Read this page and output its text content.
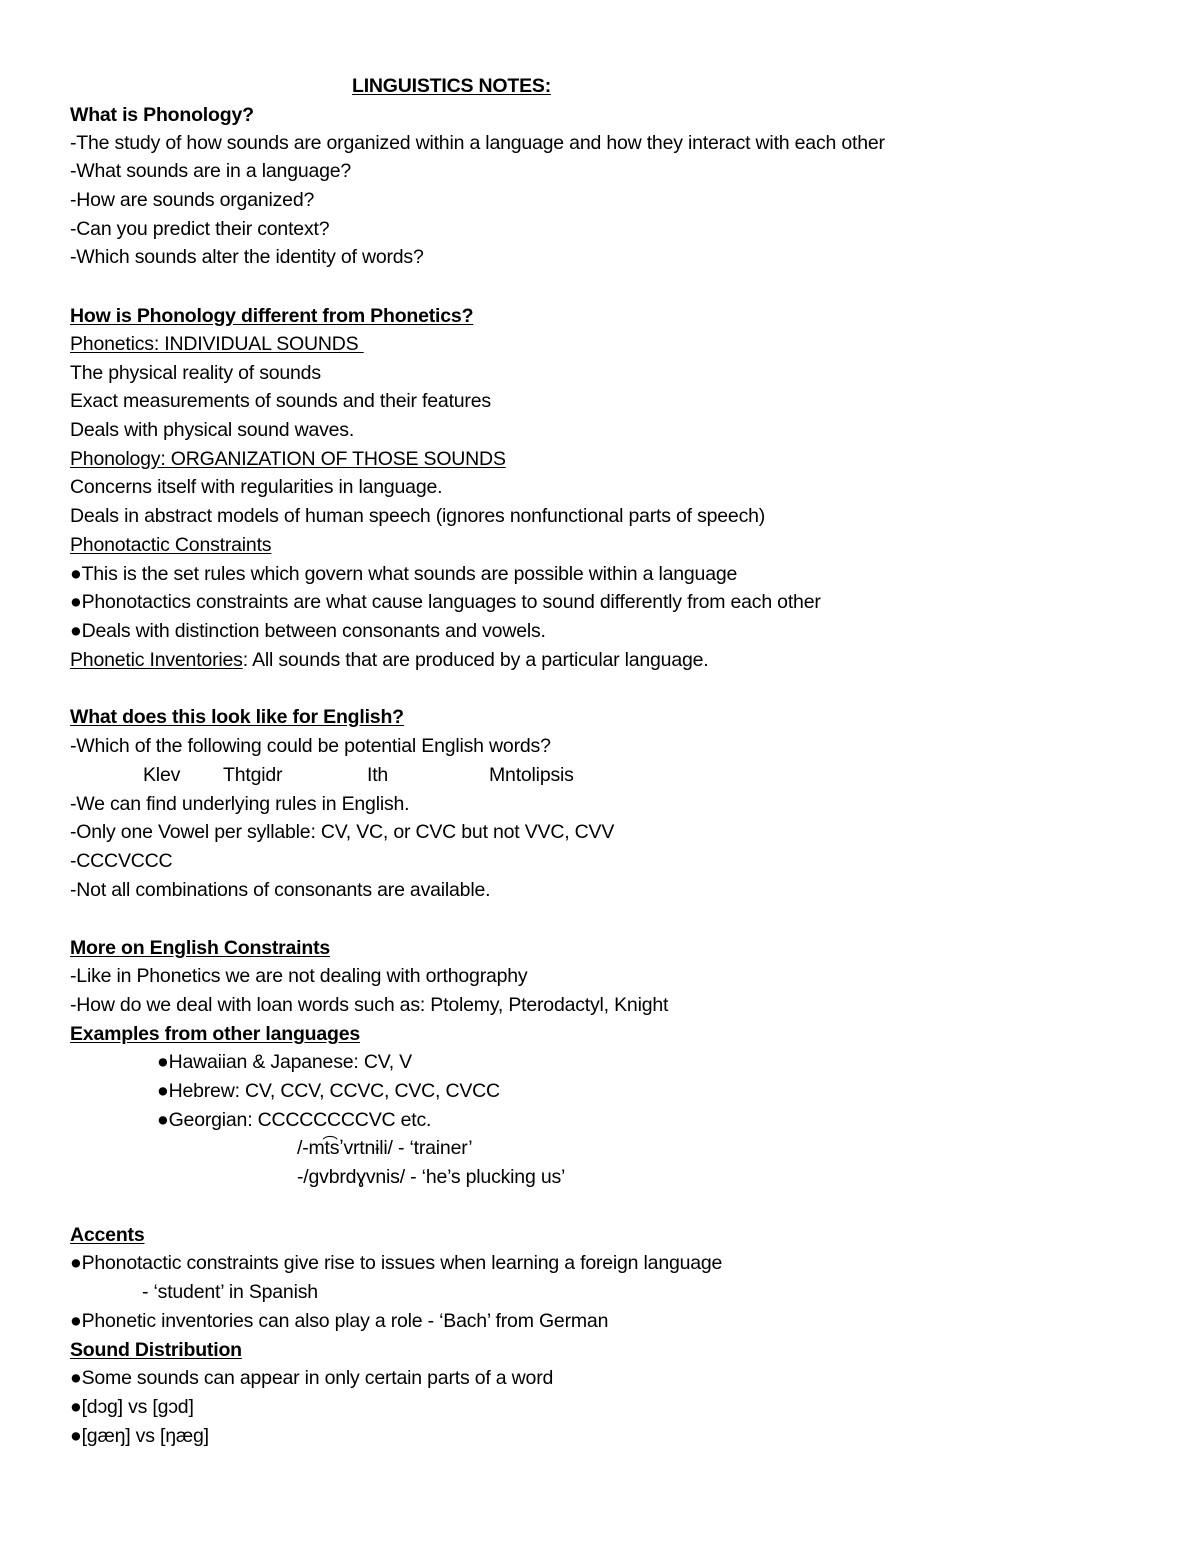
LINGUISTICS NOTES:
What is Phonology?
-The study of how sounds are organized within a language and how they interact with each other
-What sounds are in a language?
-How are sounds organized?
-Can you predict their context?
-Which sounds alter the identity of words?
How is Phonology different from Phonetics?
Phonetics: INDIVIDUAL SOUNDS
The physical reality of sounds
Exact measurements of sounds and their features
Deals with physical sound waves.
Phonology: ORGANIZATION OF THOSE SOUNDS
Concerns itself with regularities in language.
Deals in abstract models of human speech (ignores nonfunctional parts of speech)
Phonotactic Constraints
●This is the set rules which govern what sounds are possible within a language
●Phonotactics constraints are what cause languages to sound differently from each other
●Deals with distinction between consonants and vowels.
Phonetic Inventories: All sounds that are produced by a particular language.
What does this look like for English?
-Which of the following could be potential English words?

Klev

Thtgidr

	Ith

	Mntolipsis

-We can find underlying rules in English.
-Only one Vowel per syllable: CV, VC, or CVC but not VVC, CVV
-CCCVCCC
-Not all combinations of consonants are available.
More on English Constraints
-Like in Phonetics we are not dealing with orthography
-How do we deal with loan words such as: Ptolemy, Pterodactyl, Knight
Examples from other languages
●Hawaiian & Japanese: CV, V
●Hebrew: CV, CCV, CCVC, CVC, CVCC
●Georgian: CCCCCCCCVC etc.
/-mt͡sʼvrtnɨli/ - ‘trainer’
-/gvbrdɣvnis/ - ‘he’s plucking us’
Accents
●Phonotactic constraints give rise to issues when learning a foreign language
- ‘student’ in Spanish
●Phonetic inventories can also play a role - ‘Bach’ from German
Sound Distribution
●Some sounds can appear in only certain parts of a word
●[dɔg] vs [gɔd]
●[gæŋ] vs [ŋæg]
